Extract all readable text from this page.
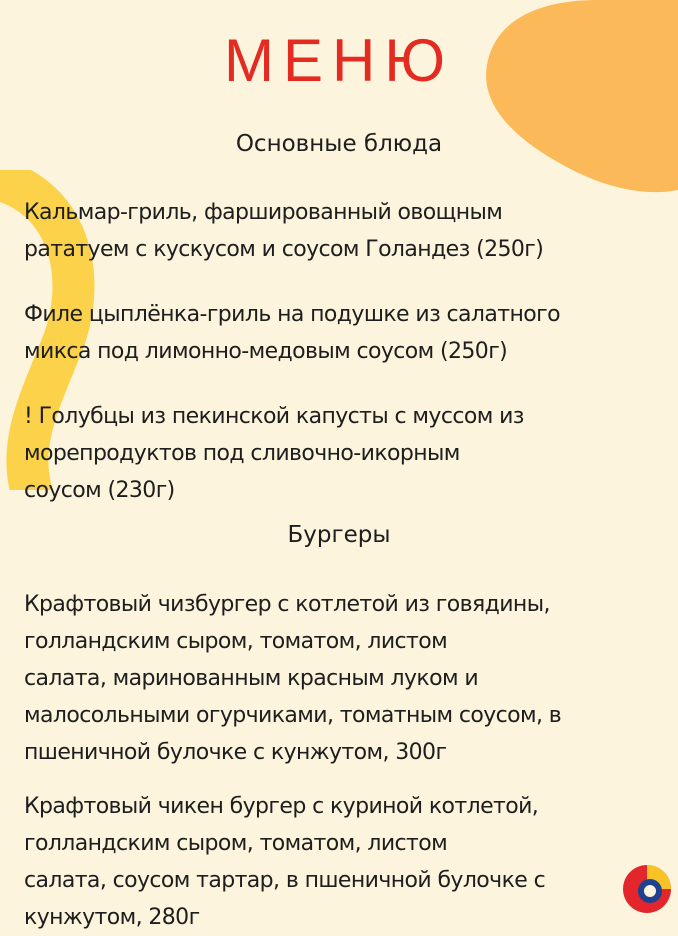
МЕНЮ
Основные блюда
Кальмар-гриль, фаршированный овощным
рататуем с кускусом и соусом Голандез (250г)
Филе цыплёнка-гриль на подушке из салатного
микса под лимонно-медовым соусом (250г)
! Голубцы из пекинской капусты с муссом из
морепродуктов под сливочно-икорным
соусом (230г)
Бургеры
Крафтовый чизбургер с котлетой из говядины,
голландским сыром, томатом, листом
салата, маринованным красным луком и
малосольными огурчиками, томатным соусом, в
пшеничной булочке с кунжутом, 300г
Крафтовый чикен бургер с куриной котлетой,
голландским сыром, томатом, листом
салата, соусом тартар, в пшеничной булочке с
кунжутом, 280г
